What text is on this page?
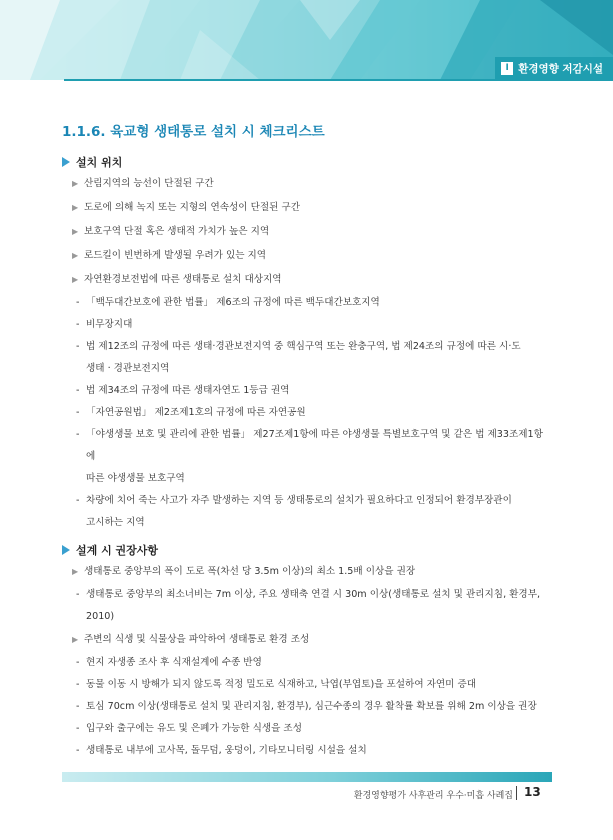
Ⅰ 환경영향 저감시설
1.1.6. 육교형 생태통로 설치 시 체크리스트
설치 위치
▶ 산림지역의 능선이 단절된 구간
▶ 도로에 의해 녹지 또는 지형의 연속성이 단절된 구간
▶ 보호구역 단절 혹은 생태적 가치가 높은 지역
▶ 로드킬이 빈번하게 발생될 우려가 있는 지역
▶ 자연환경보전법에 따른 생태통로 설치 대상지역
- 「백두대간보호에 관한 법률」 제6조의 규정에 따른 백두대간보호지역
- 비무장지대
- 법 제12조의 규정에 따른 생태·경관보전지역 중 핵심구역 또는 완충구역, 법 제24조의 규정에 따른 시·도
생태 · 경관보전지역
- 법 제34조의 규정에 따른 생태자연도 1등급 권역
- 「자연공원법」 제2조제1호의 규정에 따른 자연공원
- 「야생생물 보호 및 관리에 관한 법률」 제27조제1항에 따른 야생생물 특별보호구역 및 같은 법 제33조제1항에
따른 야생생물 보호구역
- 차량에 치어 죽는 사고가 자주 발생하는 지역 등 생태통로의 설치가 필요하다고 인정되어 환경부장관이
고시하는 지역
설계 시 권장사항
▶ 생태통로 중앙부의 폭이 도로 폭(차선 당 3.5m 이상)의 최소 1.5배 이상을 권장
- 생태통로 중앙부의 최소너비는 7m 이상, 주요 생태축 연결 시 30m 이상(생태통로 설치 및 관리지침, 환경부,
2010)
▶ 주변의 식생 및 식물상을 파악하여 생태통로 환경 조성
- 현지 자생종 조사 후 식재설계에 수종 반영
- 동물 이동 시 방해가 되지 않도록 적정 밀도로 식재하고, 낙엽(부엽토)을 포설하여 자연미 증대
- 토심 70cm 이상(생태통로 설치 및 관리지침, 환경부), 심근수종의 경우 활착률 확보를 위해 2m 이상을 권장
- 입구와 출구에는 유도 및 은폐가 가능한 식생을 조성
- 생태통로 내부에 고사목, 돌무덤, 웅덩이, 기타모니터링 시설을 설치
환경영향평가 사후관리 우수·미흡 사례집 13
